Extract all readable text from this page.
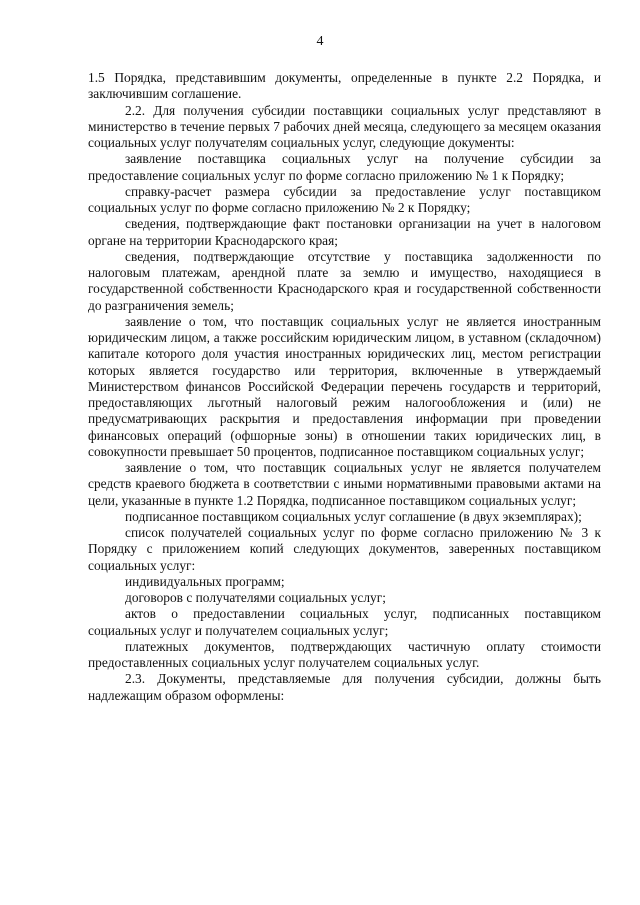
4

1.5 Порядка, представившим документы, определенные в пункте 2.2 Порядка, и заключившим соглашение.

2.2. Для получения субсидии поставщики социальных услуг представляют в министерство в течение первых 7 рабочих дней месяца, следующего за месяцем оказания социальных услуг получателям социальных услуг, следующие документы:

заявление поставщика социальных услуг на получение субсидии за предоставление социальных услуг по форме согласно приложению № 1 к Порядку;

справку-расчет размера субсидии за предоставление услуг поставщиком социальных услуг по форме согласно приложению № 2 к Порядку;

сведения, подтверждающие факт постановки организации на учет в налоговом органе на территории Краснодарского края;

сведения, подтверждающие отсутствие у поставщика задолженности по налоговым платежам, арендной плате за землю и имущество, находящиеся в государственной собственности Краснодарского края и государственной собственности до разграничения земель;

заявление о том, что поставщик социальных услуг не является иностранным юридическим лицом, а также российским юридическим лицом, в уставном (складочном) капитале которого доля участия иностранных юридических лиц, местом регистрации которых является государство или территория, включенные в утверждаемый Министерством финансов Российской Федерации перечень государств и территорий, предоставляющих льготный налоговый режим налогообложения и (или) не предусматривающих раскрытия и предоставления информации при проведении финансовых операций (офшорные зоны) в отношении таких юридических лиц, в совокупности превышает 50 процентов, подписанное поставщиком социальных услуг;

заявление о том, что поставщик социальных услуг не является получателем средств краевого бюджета в соответствии с иными нормативными правовыми актами на цели, указанные в пункте 1.2 Порядка, подписанное поставщиком социальных услуг;

подписанное поставщиком социальных услуг соглашение (в двух экземплярах);

список получателей социальных услуг по форме согласно приложению № 3 к Порядку с приложением копий следующих документов, заверенных поставщиком социальных услуг:

индивидуальных программ;

договоров с получателями социальных услуг;

актов о предоставлении социальных услуг, подписанных поставщиком социальных услуг и получателем социальных услуг;

платежных документов, подтверждающих частичную оплату стоимости предоставленных социальных услуг получателем социальных услуг.

2.3. Документы, представляемые для получения субсидии, должны быть надлежащим образом оформлены:
